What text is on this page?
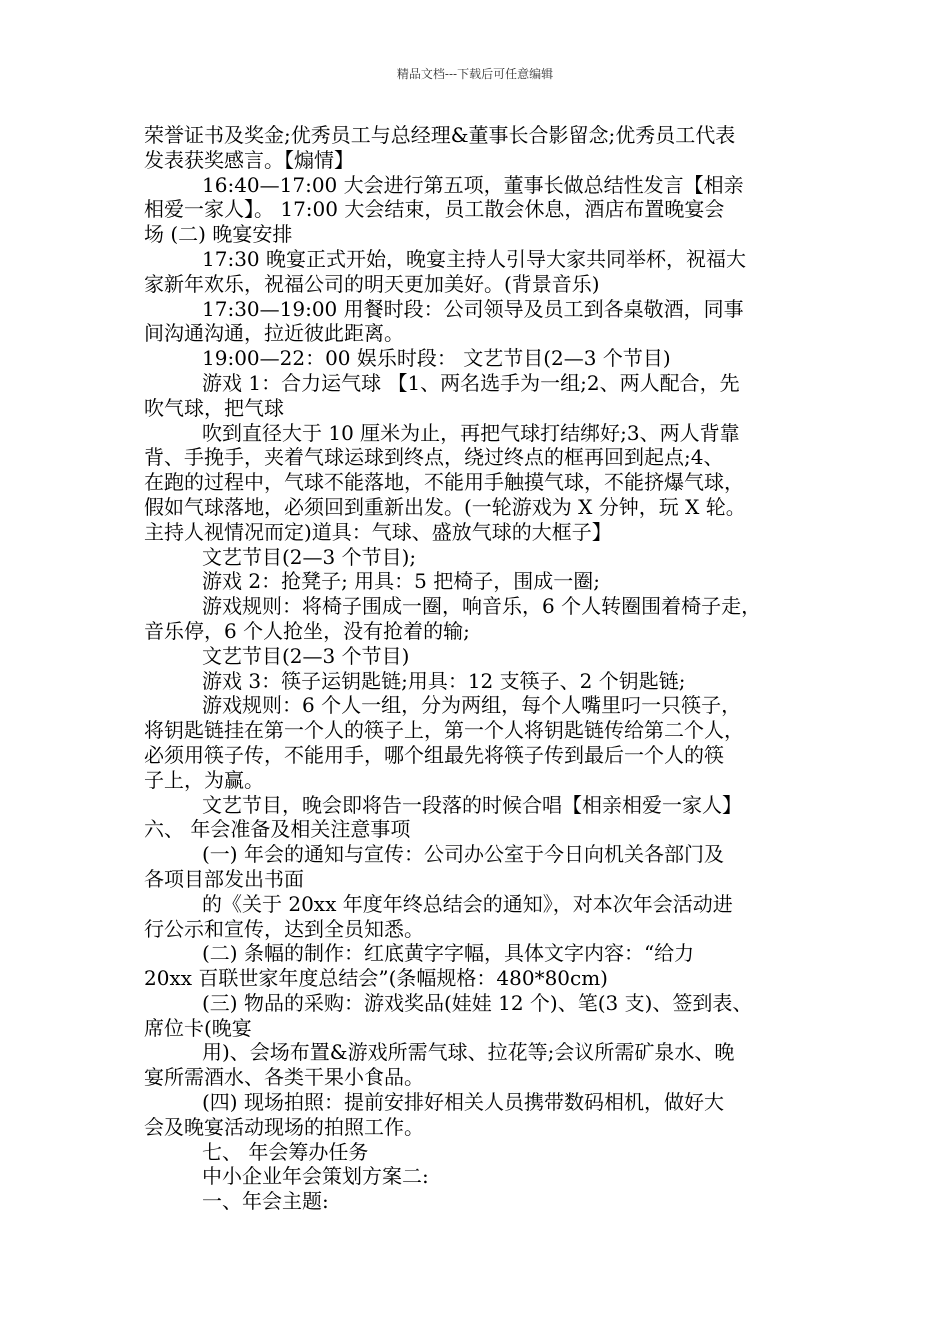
精品文档---下载后可任意编辑
荣誉证书及奖金;优秀员工与总经理&董事长合影留念;优秀员工代表
发表获奖感言。【煽情】
16:40—17:00 大会进行第五项，董事长做总结性发言【相亲
相爱一家人】。 17:00 大会结束，员工散会休息，酒店布置晚宴会
场 (二) 晚宴安排
17:30 晚宴正式开始，晚宴主持人引导大家共同举杯，祝福大
家新年欢乐，祝福公司的明天更加美好。(背景音乐)
17:30—19:00 用餐时段：公司领导及员工到各桌敬酒，同事
间沟通沟通，拉近彼此距离。
19:00—22：00 娱乐时段： 文艺节目(2—3 个节目)
游戏 1：合力运气球 【1、两名选手为一组;2、两人配合，先
吹气球，把气球
吹到直径大于 10 厘米为止，再把气球打结绑好;3、两人背靠
背、手挽手，夹着气球运球到终点，绕过终点的框再回到起点;4、
在跑的过程中，气球不能落地，不能用手触摸气球，不能挤爆气球，
假如气球落地，必须回到重新出发。(一轮游戏为 X 分钟，玩 X 轮。
主持人视情况而定)道具：气球、盛放气球的大框子】
文艺节目(2—3 个节目);
游戏 2：抢凳子; 用具：5 把椅子，围成一圈;
游戏规则：将椅子围成一圈，响音乐，6 个人转圈围着椅子走，
音乐停，6 个人抢坐，没有抢着的输;
文艺节目(2—3 个节目)
游戏 3：筷子运钥匙链;用具：12 支筷子、2 个钥匙链;
游戏规则：6 个人一组，分为两组，每个人嘴里叼一只筷子，
将钥匙链挂在第一个人的筷子上，第一个人将钥匙链传给第二个人，
必须用筷子传，不能用手，哪个组最先将筷子传到最后一个人的筷
子上，为赢。
文艺节目，晚会即将告一段落的时候合唱【相亲相爱一家人】
六、 年会准备及相关注意事项
(一) 年会的通知与宣传：公司办公室于今日向机关各部门及
各项目部发出书面
的《关于 20xx 年度年终总结会的通知》，对本次年会活动进
行公示和宣传，达到全员知悉。
(二) 条幅的制作：红底黄字字幅，具体文字内容：“给力
20xx 百联世家年度总结会”(条幅规格：480*80cm)
(三) 物品的采购：游戏奖品(娃娃 12 个)、笔(3 支)、签到表、
席位卡(晚宴
用)、会场布置&游戏所需气球、拉花等;会议所需矿泉水、晚
宴所需酒水、各类干果小食品。
(四) 现场拍照：提前安排好相关人员携带数码相机，做好大
会及晚宴活动现场的拍照工作。
七、 年会筹办任务
中小企业年会策划方案二:
一、年会主题:
